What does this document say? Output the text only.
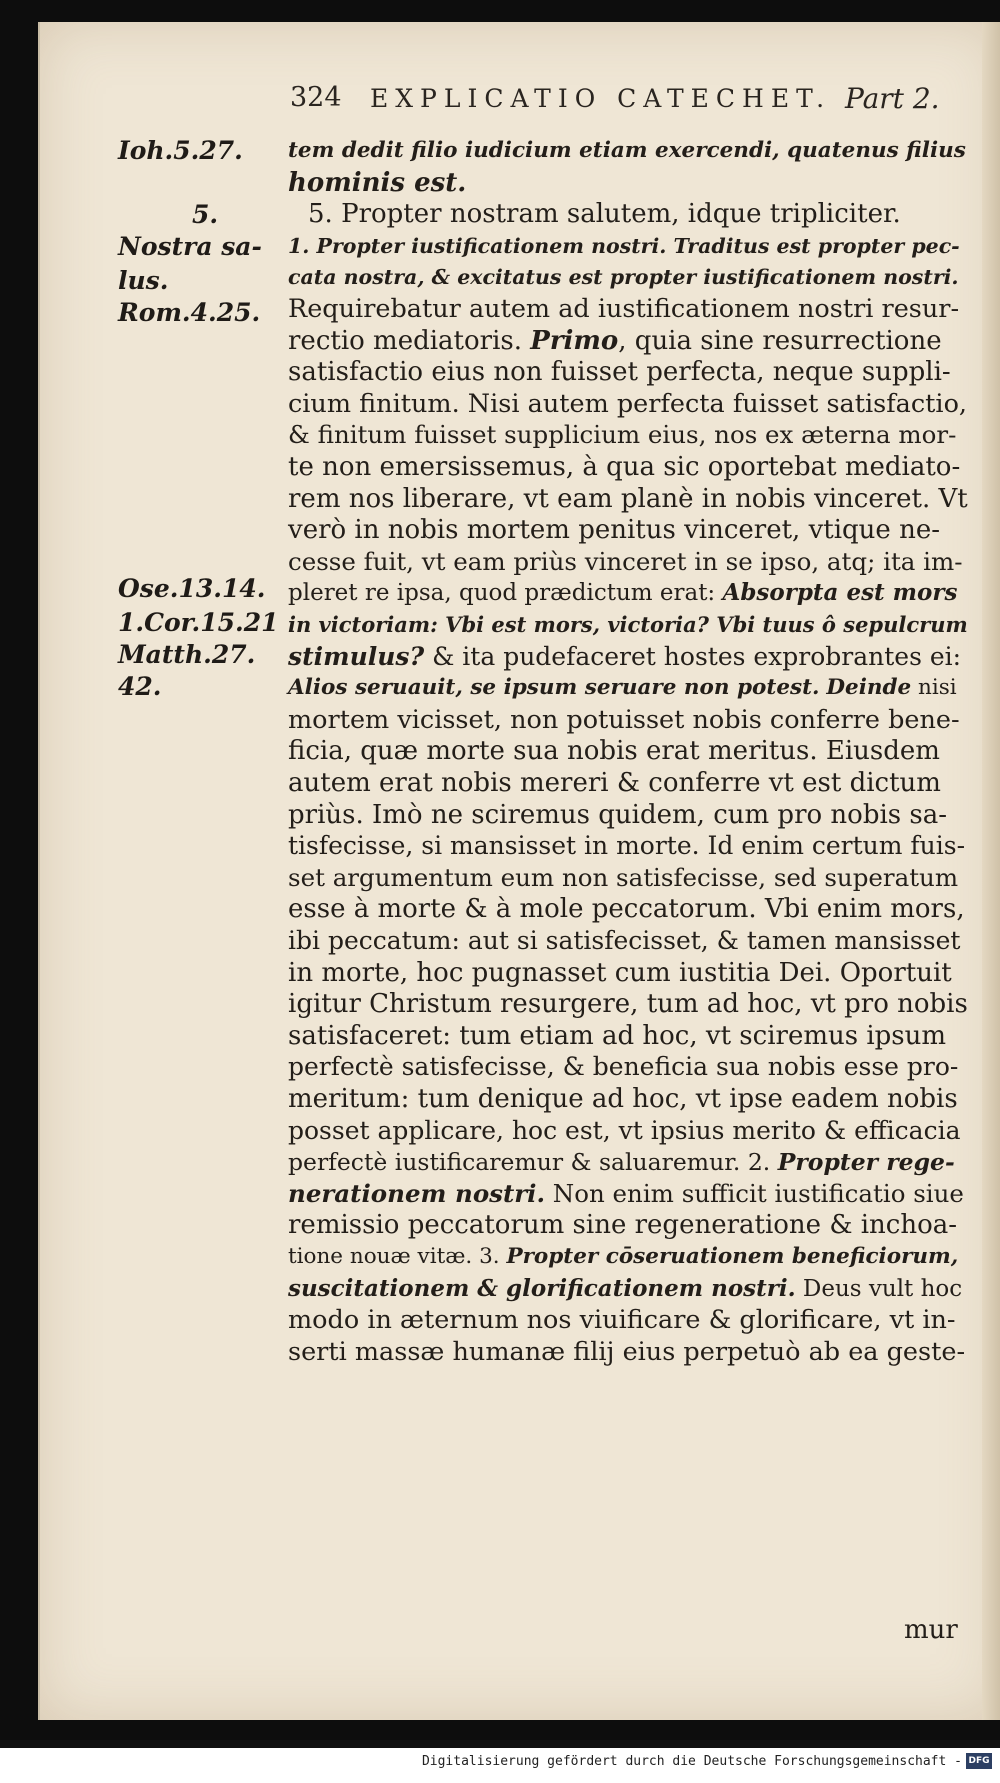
324 EXPLICATIO CATECHET. Part 2.
Ioh.5.27.
5.
Nostra sa-
lus.
Rom.4.25.
Ose.13.14.
1.Cor.15.21
Matth.27.
42.
mur
tem dedit filio iudicium etiam exercendi, quatenus filius
hominis est.
5. Propter nostram salutem, idque tripliciter.
1. Propter iustificationem nostri. Traditus est propter pec-
cata nostra, & excitatus est propter iustificationem nostri.
Requirebatur autem ad iustificationem nostri resur-
rectio mediatoris. Primo, quia sine resurrectione
satisfactio eius non fuisset perfecta, neque suppli-
cium finitum. Nisi autem perfecta fuisset satisfactio,
& finitum fuisset supplicium eius, nos ex æterna mor-
te non emersissemus, à qua sic oportebat mediato-
rem nos liberare, vt eam planè in nobis vinceret. Vt
verò in nobis mortem penitus vinceret, vtique ne-
cesse fuit, vt eam priùs vinceret in se ipso, atq; ita im-
pleret re ipsa, quod prædictum erat: Absorpta est mors
in victoriam: Vbi est mors, victoria? Vbi tuus ô sepulcrum
stimulus? & ita pudefaceret hostes exprobrantes ei:
Alios seruauit, se ipsum seruare non potest. Deinde nisi
mortem vicisset, non potuisset nobis conferre bene-
ficia, quæ morte sua nobis erat meritus. Eiusdem
autem erat nobis mereri & conferre vt est dictum
priùs. Imò ne sciremus quidem, cum pro nobis sa-
tisfecisse, si mansisset in morte. Id enim certum fuis-
set argumentum eum non satisfecisse, sed superatum
esse à morte & à mole peccatorum. Vbi enim mors,
ibi peccatum: aut si satisfecisset, & tamen mansisset
in morte, hoc pugnasset cum iustitia Dei. Oportuit
igitur Christum resurgere, tum ad hoc, vt pro nobis
satisfaceret: tum etiam ad hoc, vt sciremus ipsum
perfectè satisfecisse, & beneficia sua nobis esse pro-
meritum: tum denique ad hoc, vt ipse eadem nobis
posset applicare, hoc est, vt ipsius merito & efficacia
perfectè iustificaremur & saluaremur. 2. Propter rege-
nerationem nostri. Non enim sufficit iustificatio siue
remissio peccatorum sine regeneratione & inchoa-
tione nouæ vitæ. 3. Propter cōseruationem beneficiorum,
suscitationem & glorificationem nostri. Deus vult hoc
modo in æternum nos viuificare & glorificare, vt in-
serti massæ humanæ filij eius perpetuò ab ea geste-
Digitalisierung gefördert durch die Deutsche Forschungsgemeinschaft - DFG
